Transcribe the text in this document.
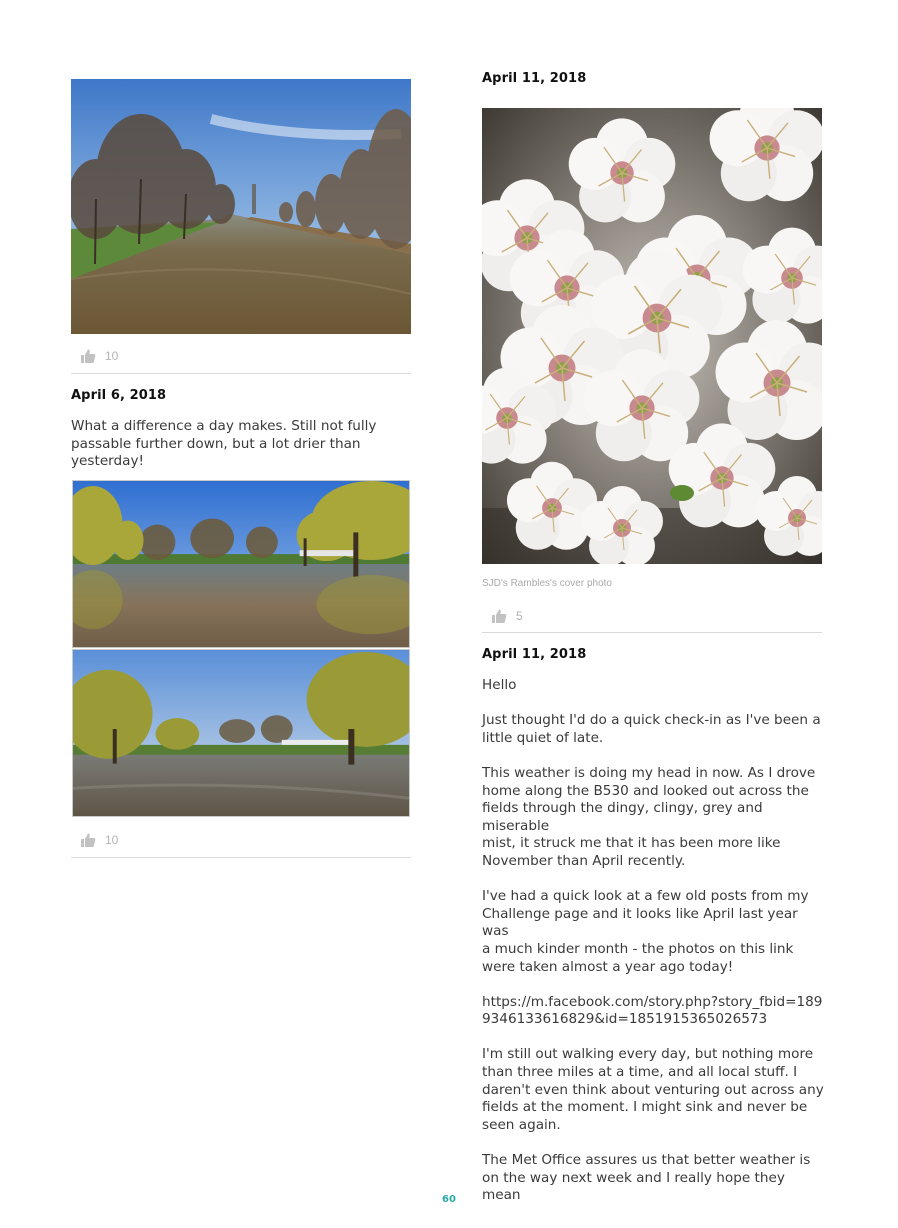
10
April 6, 2018
What a difference a day makes. Still not fully
passable further down, but a lot drier than
yesterday!
10
April 11, 2018
SJD's Rambles's cover photo
5
April 11, 2018
Hello

Just thought I'd do a quick check-in as I've been a
little quiet of late.

This weather is doing my head in now. As I drove
home along the B530 and looked out across the
fields through the dingy, clingy, grey and miserable
mist, it struck me that it has been more like
November than April recently.

I've had a quick look at a few old posts from my
Challenge page and it looks like April last year was
a much kinder month - the photos on this link
were taken almost a year ago today!

https://m.facebook.com/story.php?story_fbid=189
9346133616829&id=1851915365026573

I'm still out walking every day, but nothing more
than three miles at a time, and all local stuff. I
daren't even think about venturing out across any
fields at the moment. I might sink and never be
seen again.

The Met Office assures us that better weather is
on the way next week and I really hope they mean
60
